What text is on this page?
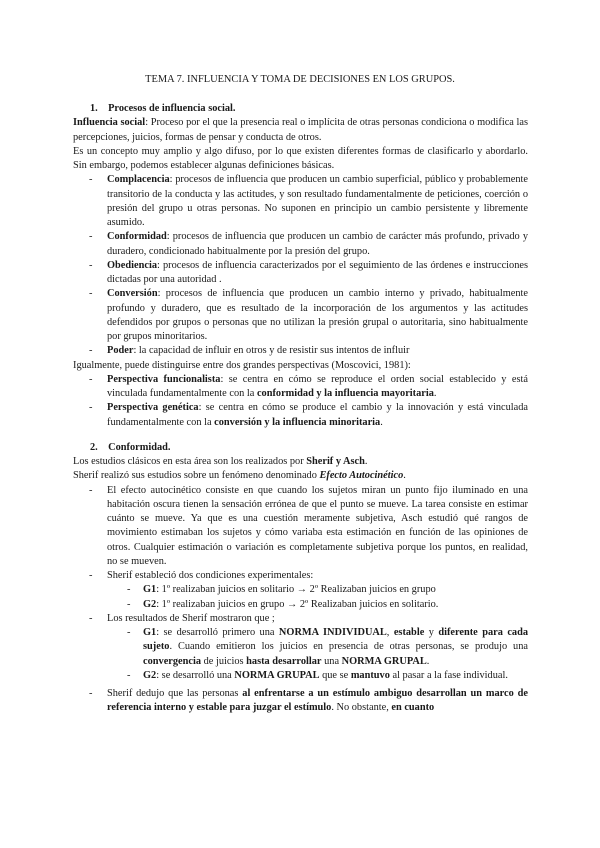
TEMA 7. INFLUENCIA Y TOMA DE DECISIONES EN LOS GRUPOS.

1. Procesos de influencia social.

Influencia social: Proceso por el que la presencia real o implícita de otras personas condiciona o modifica las percepciones, juicios, formas de pensar y conducta de otros.

Es un concepto muy amplio y algo difuso, por lo que existen diferentes formas de clasificarlo y abordarlo. Sin embargo, podemos establecer algunas definiciones básicas.

- Complacencia: procesos de influencia que producen un cambio superficial, público y probablemente transitorio de la conducta y las actitudes, y son resultado fundamentalmente de peticiones, coerción o presión del grupo u otras personas. No suponen en principio un cambio persistente y libremente asumido.
- Conformidad: procesos de influencia que producen un cambio de carácter más profundo, privado y duradero, condicionado habitualmente por la presión del grupo.
- Obediencia: procesos de influencia caracterizados por el seguimiento de las órdenes e instrucciones dictadas por una autoridad .
- Conversión: procesos de influencia que producen un cambio interno y privado, habitualmente profundo y duradero, que es resultado de la incorporación de los argumentos y las actitudes defendidos por grupos o personas que no utilizan la presión grupal o autoritaria, sino habitualmente por grupos minoritarios.
- Poder: la capacidad de influir en otros y de resistir sus intentos de influir

Igualmente, puede distinguirse entre dos grandes perspectivas (Moscovici, 1981):

- Perspectiva funcionalista: se centra en cómo se reproduce el orden social establecido y está vinculada fundamentalmente con la conformidad y la influencia mayoritaria.
- Perspectiva genética: se centra en cómo se produce el cambio y la innovación y está vinculada fundamentalmente con la conversión y la influencia minoritaria.

2. Conformidad.

Los estudios clásicos en esta área son los realizados por Sherif y Asch.

Sherif realizó sus estudios sobre un fenómeno denominado Efecto Autocinético.

- El efecto autocinético consiste en que cuando los sujetos miran un punto fijo iluminado en una habitación oscura tienen la sensación errónea de que el punto se mueve. La tarea consiste en estimar cuánto se mueve. Ya que es una cuestión meramente subjetiva, Asch estudió qué rangos de movimiento estimaban los sujetos y cómo variaba esta estimación en función de las opiniones de otros. Cualquier estimación o variación es completamente subjetiva porque los puntos, en realidad, no se mueven.
- Sherif estableció dos condiciones experimentales:
- G1: 1º realizaban juicios en solitario → 2º Realizaban juicios en grupo
- G2: 1º realizaban juicios en grupo → 2º Realizaban juicios en solitario.
- Los resultados de Sherif mostraron que ;
- G1: se desarrolló primero una NORMA INDIVIDUAL, estable y diferente para cada sujeto. Cuando emitieron los juicios en presencia de otras personas, se produjo una convergencia de juicios hasta desarrollar una NORMA GRUPAL.
- G2: se desarrolló una NORMA GRUPAL que se mantuvo al pasar a la fase individual.
- Sherif dedujo que las personas al enfrentarse a un estímulo ambiguo desarrollan un marco de referencia interno y estable para juzgar el estímulo. No obstante, en cuanto
